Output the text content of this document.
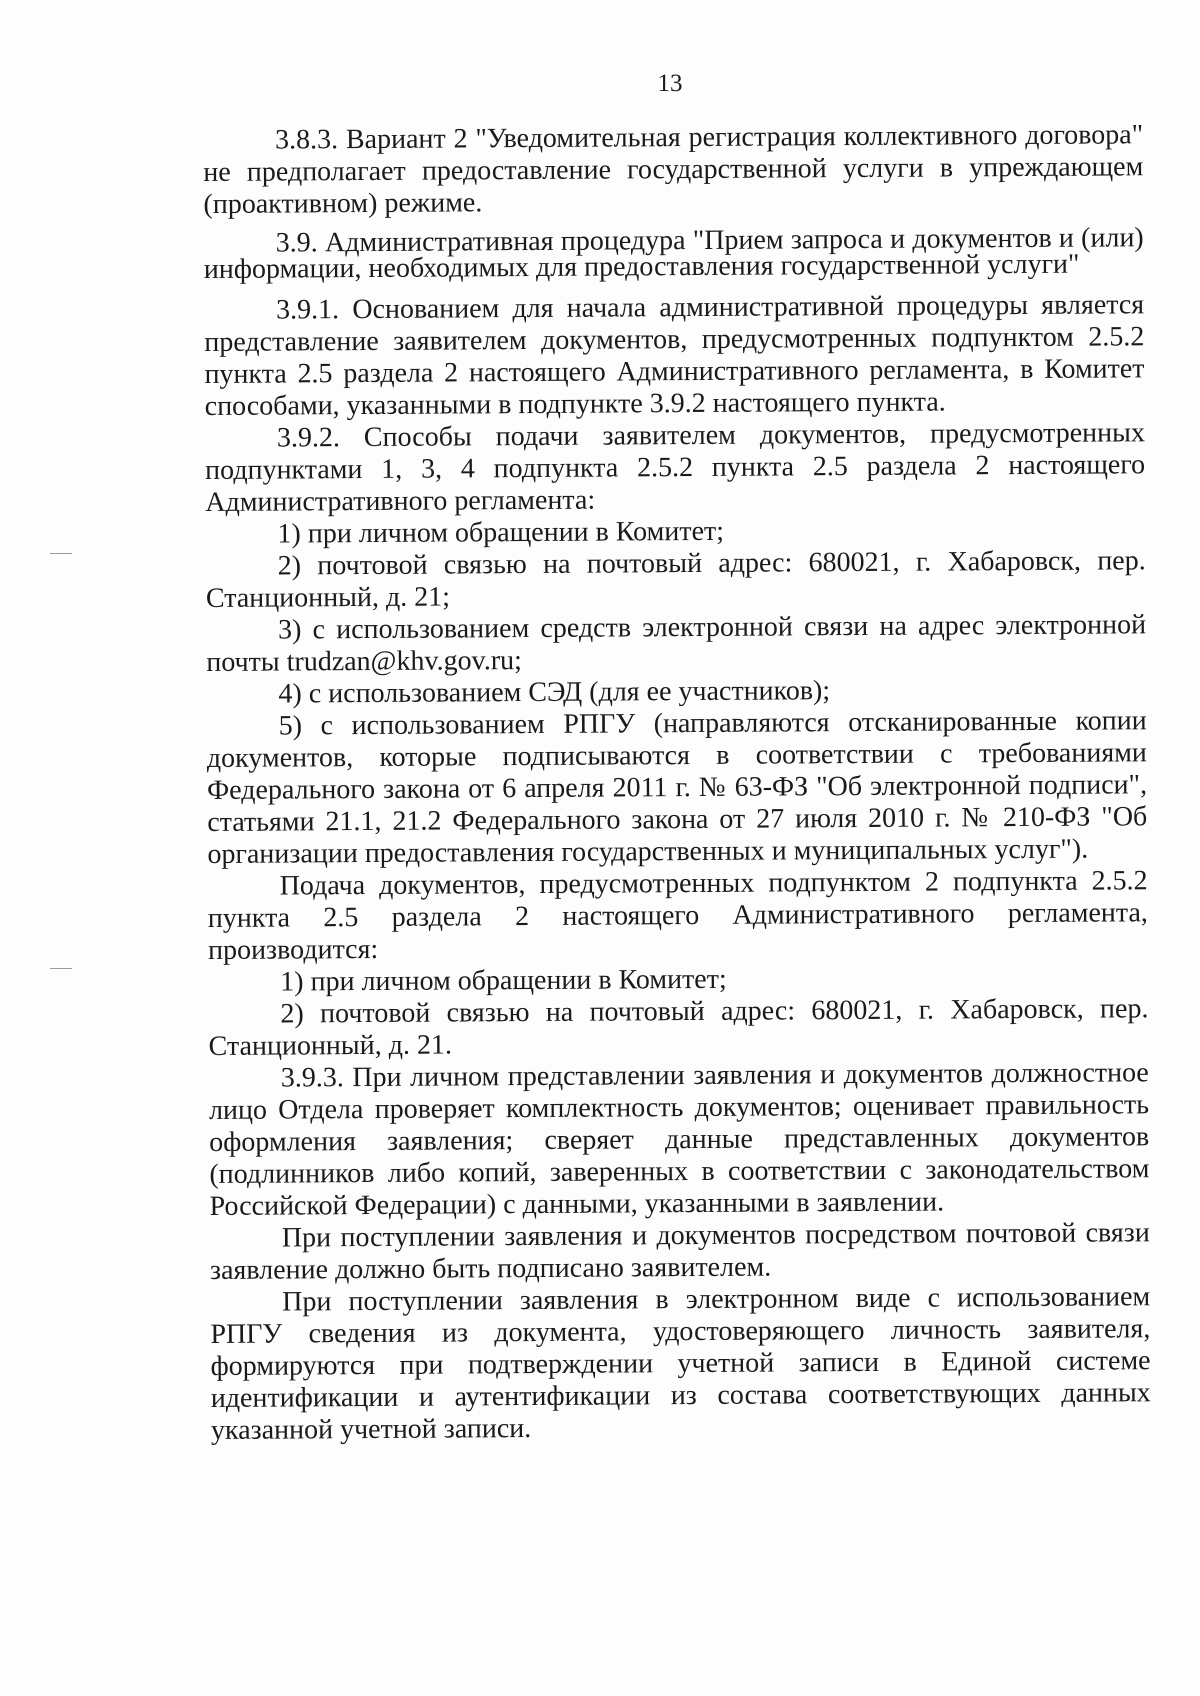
13

3.8.3. Вариант 2 "Уведомительная регистрация коллективного договора" не предполагает предоставление государственной услуги в упреждающем (проактивном) режиме.

3.9. Административная процедура "Прием запроса и документов и (или) информации, необходимых для предоставления государственной услуги"

3.9.1. Основанием для начала административной процедуры является представление заявителем документов, предусмотренных подпунктом 2.5.2 пункта 2.5 раздела 2 настоящего Административного регламента, в Комитет способами, указанными в подпункте 3.9.2 настоящего пункта.

3.9.2. Способы подачи заявителем документов, предусмотренных подпунктами 1, 3, 4 подпункта 2.5.2 пункта 2.5 раздела 2 настоящего Административного регламента:

1) при личном обращении в Комитет;

2) почтовой связью на почтовый адрес: 680021, г. Хабаровск, пер. Станционный, д. 21;

3) с использованием средств электронной связи на адрес электронной почты trudzan@khv.gov.ru;

4) с использованием СЭД (для ее участников);

5) с использованием РПГУ (направляются отсканированные копии документов, которые подписываются в соответствии с требованиями Федерального закона от 6 апреля 2011 г. № 63-ФЗ "Об электронной подписи", статьями 21.1, 21.2 Федерального закона от 27 июля 2010 г. № 210-ФЗ "Об организации предоставления государственных и муниципальных услуг").

Подача документов, предусмотренных подпунктом 2 подпункта 2.5.2 пункта 2.5 раздела 2 настоящего Административного регламента, производится:

1) при личном обращении в Комитет;

2) почтовой связью на почтовый адрес: 680021, г. Хабаровск, пер. Станционный, д. 21.

3.9.3. При личном представлении заявления и документов должностное лицо Отдела проверяет комплектность документов; оценивает правильность оформления заявления; сверяет данные представленных документов (подлинников либо копий, заверенных в соответствии с законодательством Российской Федерации) с данными, указанными в заявлении.

При поступлении заявления и документов посредством почтовой связи заявление должно быть подписано заявителем.

При поступлении заявления в электронном виде с использованием РПГУ сведения из документа, удостоверяющего личность заявителя, формируются при подтверждении учетной записи в Единой системе идентификации и аутентификации из состава соответствующих данных указанной учетной записи.
